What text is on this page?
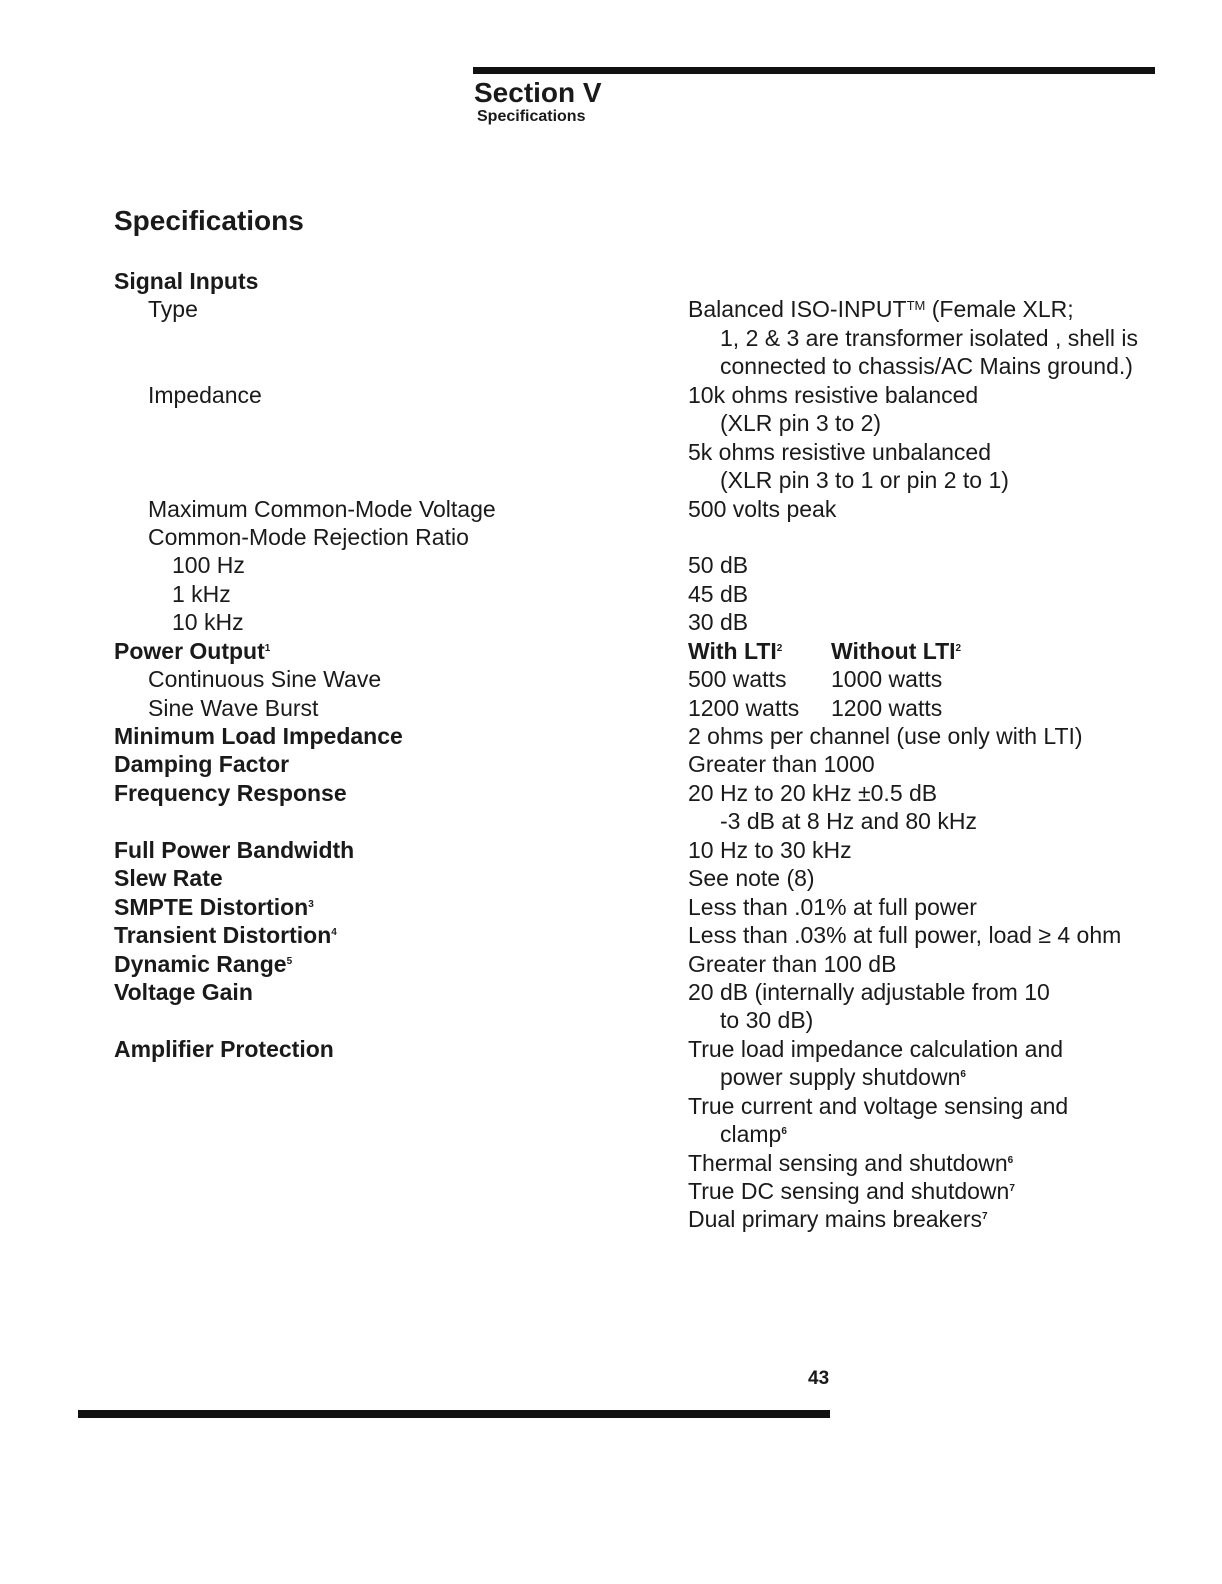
Section V
Specifications
Specifications
Signal Inputs
Type
Impedance
Maximum Common-Mode Voltage
Common-Mode Rejection Ratio
100 Hz
1 kHz
10 kHz
Power Output$^1$
Continuous Sine Wave
Sine Wave Burst
Minimum Load Impedance
Damping Factor
Frequency Response
Full Power Bandwidth
Slew Rate
SMPTE Distortion$^3$
Transient Distortion$^4$
Dynamic Range$^5$
Voltage Gain
Amplifier Protection
Balanced ISO-INPUT™ (Female XLR;
1, 2 & 3 are transformer isolated , shell is
connected to chassis/AC Mains ground.)
10k ohms resistive balanced
(XLR pin 3 to 2)
5k ohms resistive unbalanced
(XLR pin 3 to 1 or pin 2 to 1)
500 volts peak
50 dB
45 dB
30 dB
With LTI$^2$ Without LTI$^2$
500 watts 1000 watts
1200 watts 1200 watts
2 ohms per channel (use only with LTI)
Greater than 1000
20 Hz to 20 kHz ±0.5 dB
-3 dB at 8 Hz and 80 kHz
10 Hz to 30 kHz
See note (8)
Less than .01% at full power
Less than .03% at full power, load ≥ 4 ohm
Greater than 100 dB
20 dB (internally adjustable from 10
to 30 dB)
True load impedance calculation and
power supply shutdown$^6$
True current and voltage sensing and
clamp$^6$
Thermal sensing and shutdown$^6$
True DC sensing and shutdown$^7$
Dual primary mains breakers$^7$
43
